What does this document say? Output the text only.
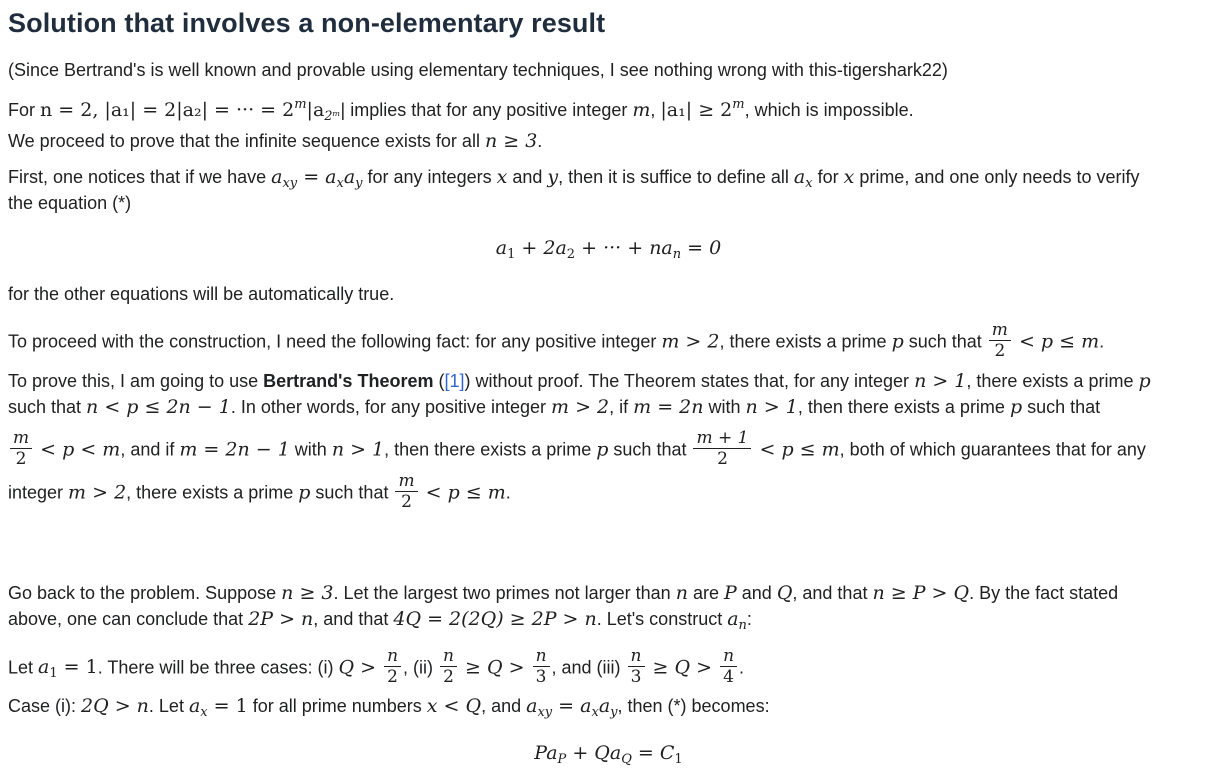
Solution that involves a non-elementary result
(Since Bertrand's is well known and provable using elementary techniques, I see nothing wrong with this-tigershark22)
For n = 2, |a₁| = 2|a₂| = ··· = $2^m|a_{2ᵐ}|$ implies that for any positive integer m, $|a_1| \ge 2^m$, which is impossible.
We proceed to prove that the infinite sequence exists for all n ≥ 3.
First, one notices that if we have $a_{xy} = a_xa_y$ for any integers x and y, then it is suffice to define all $a_x$ for x prime, and one only needs to verify
the equation (*)
$a_1 + 2a_2$ + ··· + $na_n = 0$
for the other equations will be automatically true.
To proceed with the construction, I need the following fact: for any positive integer m > 2, there exists a prime p such that $\frac{m}{2} < p \le m$.
To prove this, I am going to use Bertrand's Theorem ([1]) without proof. The Theorem states that, for any integer n > 1, there exists a prime p
such that n < p ≤ 2n − 1. In other words, for any positive integer m > 2, if m = 2n with n > 1, then there exists a prime p such that
$\frac{m}{2} < p < m$, and if m = 2n − 1 with n > 1, then there exists a prime p such that $\frac{m + 1}{2} < p \le m$, both of which guarantees that for any
integer m > 2, there exists a prime p such that $\frac{m}{2} < p \le m$.
Go back to the problem. Suppose n ≥ 3. Let the largest two primes not larger than n are P and Q, and that n ≥ P > Q. By the fact stated
above, one can conclude that 2P > n, and that 4Q = 2(2Q) ≥ 2P > n. Let's construct $a_n$:
Let $a_1 = 1$. There will be three cases: (i) $Q > \frac{n}{2}$ , $(ii) \frac{n}{2} \ge Q > \frac{n}{3}$ , and $(iii) \frac{n}{3} \ge Q > \frac{n}{4}$ .
Case (i): 2Q > n. Let $a_x = 1$ for all prime numbers x < Q, and $a_{xy} = a_xa_y$, then (*) becomes:
$Pa_P + Qa_Q = C_1$
